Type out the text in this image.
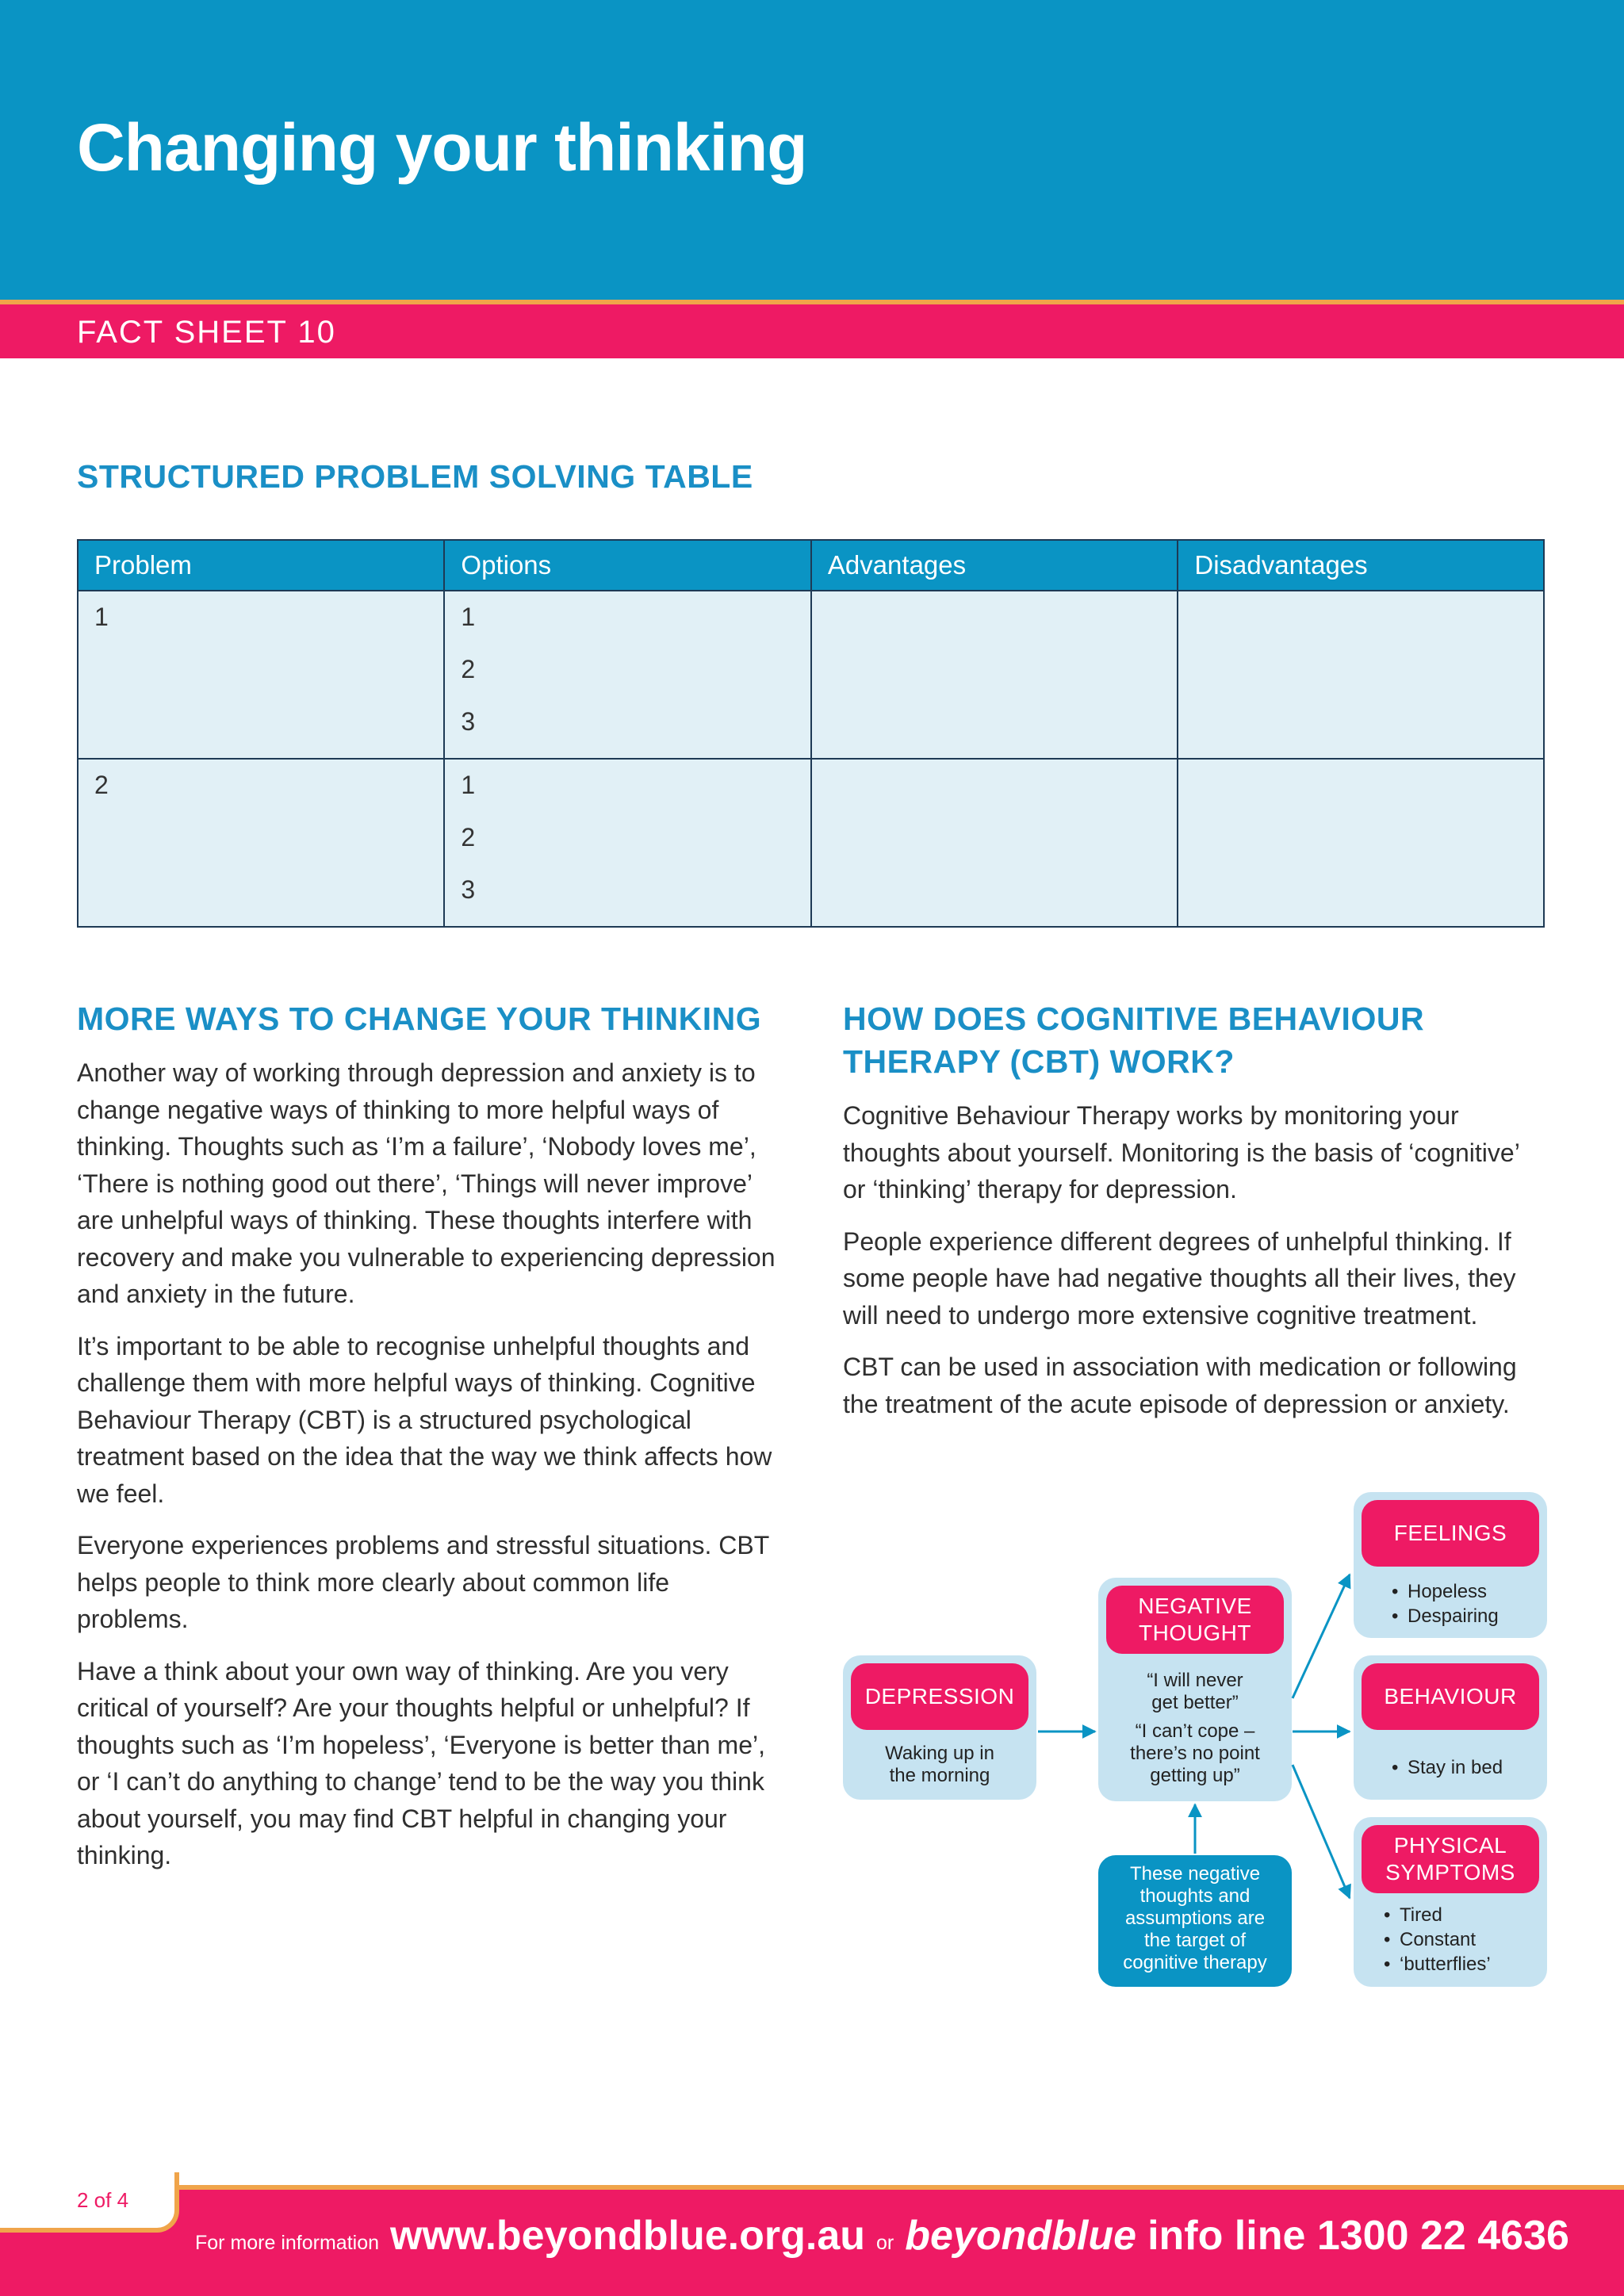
Changing your thinking
FACT SHEET 10
STRUCTURED PROBLEM SOLVING TABLE
Problem	Options	Advantages	Disadvantages

1	1
2
3		

2	1
2
3		

MORE WAYS TO CHANGE YOUR THINKING

Another way of working through depression and anxiety is to change negative ways of thinking to more helpful ways of thinking. Thoughts such as ‘I’m a failure’, ‘Nobody loves me’, ‘There is nothing good out there’, ‘Things will never improve’ are unhelpful ways of thinking. These thoughts interfere with recovery and make you vulnerable to experiencing depression and anxiety in the future.

It’s important to be able to recognise unhelpful thoughts and challenge them with more helpful ways of thinking. Cognitive Behaviour Therapy (CBT) is a structured psychological treatment based on the idea that the way we think affects how we feel.

Everyone experiences problems and stressful situations. CBT helps people to think more clearly about common life problems.

Have a think about your own way of thinking. Are you very critical of yourself? Are your thoughts helpful or unhelpful? If thoughts such as ‘I’m hopeless’, ‘Everyone is better than me’, or ‘I can’t do anything to change’ tend to be the way you think about yourself, you may find CBT helpful in changing your thinking.

HOW DOES COGNITIVE BEHAVIOUR
THERAPY (CBT) WORK?

Cognitive Behaviour Therapy works by monitoring your thoughts about yourself. Monitoring is the basis of ‘cognitive’ or ‘thinking’ therapy for depression.

People experience different degrees of unhelpful thinking. If some people have had negative thoughts all their lives, they will need to undergo more extensive cognitive treatment.

CBT can be used in association with medication or following the treatment of the acute episode of depression or anxiety.

DEPRESSION
Waking up in
the morning
NEGATIVE
THOUGHT
“I will never
get better”
“I can’t cope –
there’s no point
getting up”
These negative
thoughts and
assumptions are
the target of
cognitive therapy
FEELINGS
• Hopeless
• Despairing
BEHAVIOUR
• Stay in bed
PHYSICAL
SYMPTOMS
• Tired
• Constant
• ‘butterflies’
2 of 4
For more information www.beyondblue.org.au or beyondblue info line 1300 22 4636
